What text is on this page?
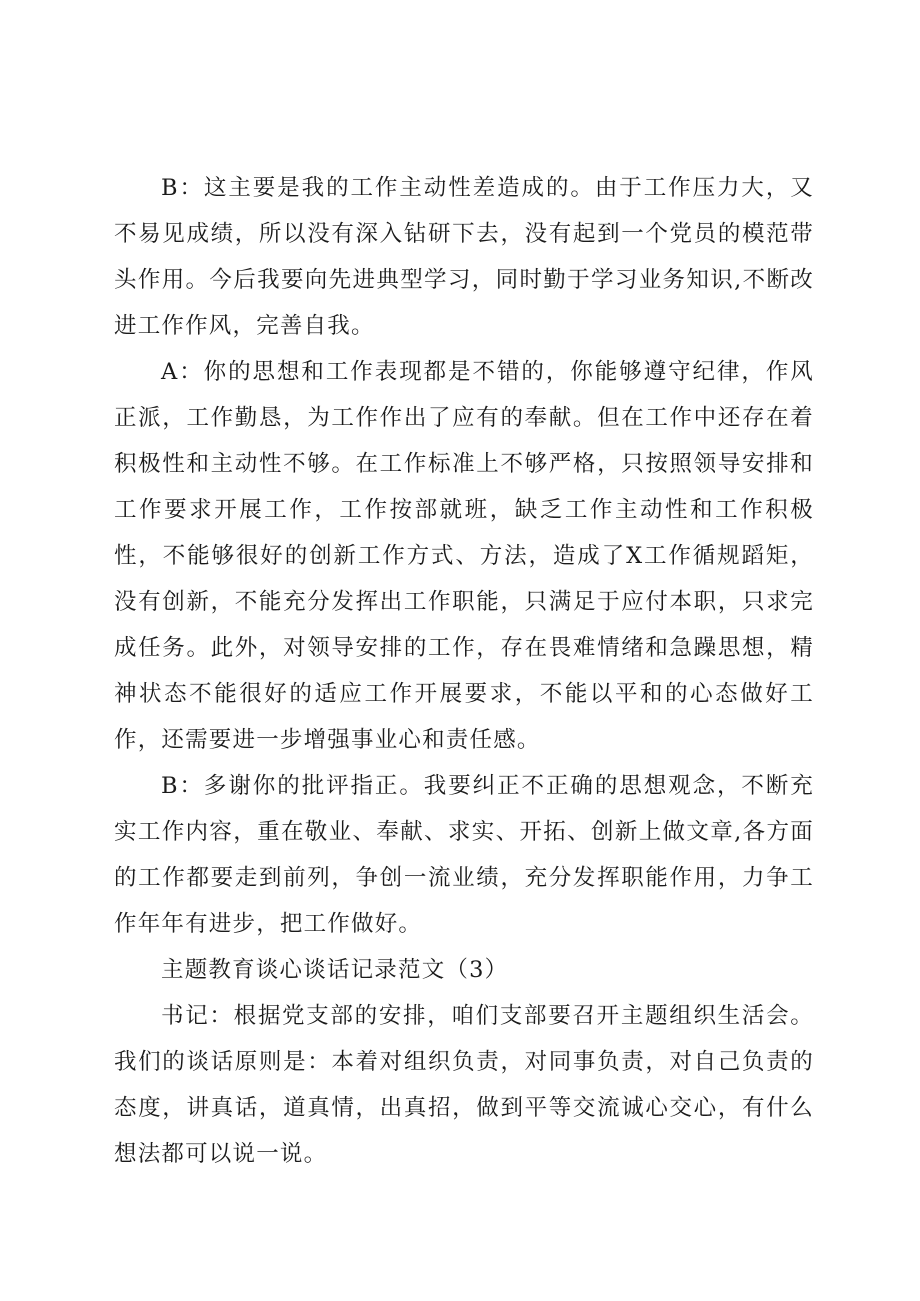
B：这主要是我的工作主动性差造成的。由于工作压力大，又不易见成绩，所以没有深入钻研下去，没有起到一个党员的模范带头作用。今后我要向先进典型学习，同时勤于学习业务知识,不断改进工作作风，完善自我。

A：你的思想和工作表现都是不错的，你能够遵守纪律，作风正派，工作勤恳，为工作作出了应有的奉献。但在工作中还存在着积极性和主动性不够。在工作标准上不够严格，只按照领导安排和工作要求开展工作，工作按部就班，缺乏工作主动性和工作积极性，不能够很好的创新工作方式、方法，造成了X工作循规蹈矩，没有创新，不能充分发挥出工作职能，只满足于应付本职，只求完成任务。此外，对领导安排的工作，存在畏难情绪和急躁思想，精神状态不能很好的适应工作开展要求，不能以平和的心态做好工作，还需要进一步增强事业心和责任感。

B：多谢你的批评指正。我要纠正不正确的思想观念，不断充实工作内容，重在敬业、奉献、求实、开拓、创新上做文章,各方面的工作都要走到前列，争创一流业绩，充分发挥职能作用，力争工作年年有进步，把工作做好。

主题教育谈心谈话记录范文（3）

书记：根据党支部的安排，咱们支部要召开主题组织生活会。我们的谈话原则是：本着对组织负责，对同事负责，对自己负责的态度，讲真话，道真情，出真招，做到平等交流诚心交心，有什么想法都可以说一说。
